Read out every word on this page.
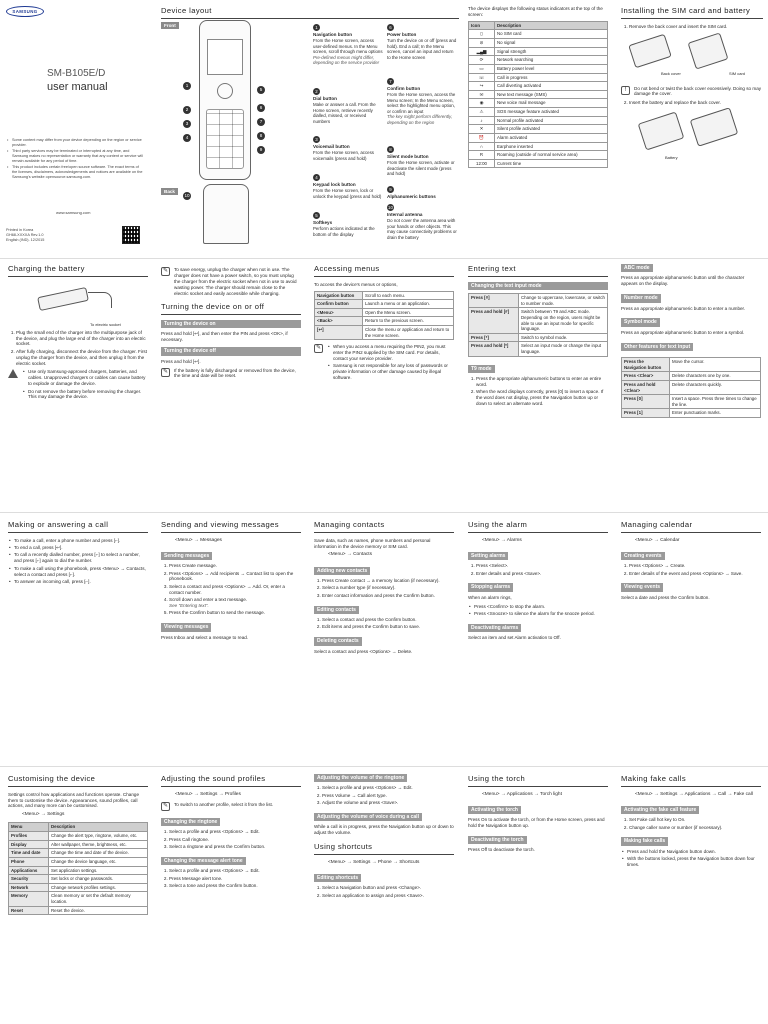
SAMSUNG
SM-B105E/D
user manual
• Some content may differ from your device depending on the region or service provider.
• Third party services may be terminated or interrupted at any time, and Samsung makes no representation or warranty that any content or service will remain available for any period of time.
• This product includes certain free/open source software. The exact terms of the licenses, disclaimers, acknowledgements and notices are available on the Samsung's website opensource.samsung.com.
www.samsung.com
Printed in Korea
GH68-XXXXA Rev.1.0
English (IND). 12/2015
Device layout
Front
Back
1
2
3
4
5
6
7
8
9
10
1
Navigation button
From the Home screen, access user-defined menus. In the Menu screen, scroll through menu options
Pre-defined menus might differ, depending on the service provider
2
Dial button
Make or answer a call. From the Home screen, retrieve recently dialled, missed, or received numbers
3
Voicemail button
From the Home screen, access voicemails (press and hold)
4
Keypad lock button
From the Home screen, lock or unlock the keypad (press and hold)
5
Softkeys
Perform actions indicated at the bottom of the display
6
Power button
Turn the device on or off (press and hold). End a call; In the Menu screen, cancel an input and return to the Home screen
7
Confirm button
From the Home screen, access the Menu screen; In the Menu screen, select the highlighted menu option, or confirm an input
The key might perform differently, depending on the region
8
Silent mode button
From the Home screen, activate or deactivate the silent mode (press and hold)
9
Alphanumeric buttons
10
Internal antenna
Do not cover the antenna area with your hands or other objects. This may cause connectivity problems or drain the battery
The device displays the following status indicators at the top of the screen:
Icon	Description
▯	No SIM card
⊘	No signal
▂▄▆	Signal strength
⟳	Network searching
▭	Battery power level
☏	Call in progress
↪	Call diverting activated
✉	New text message (SMS)
◉	New voice mail message
⚠	SOS message feature activated
♪	Normal profile activated
✕	Silent profile activated
⏰	Alarm activated
∩	Earphone inserted
R	Roaming (outside of normal service area)
12:00	Current time
Installing the SIM card and battery
1. Remove the back cover and insert the SIM card.
Back cover	SIM card
!	Do not bend or twist the back cover excessively. Doing so may damage the cover.
2. Insert the battery and replace the back cover.
Battery
Charging the battery
To electric socket
1. Plug the small end of the charger into the multipurpose jack of the device, and plug the large end of the charger into an electric socket.
2. After fully charging, disconnect the device from the charger. First unplug the charger from the device, and then unplug it from the electric socket.
• Use only Samsung-approved chargers, batteries, and cables. Unapproved chargers or cables can cause battery to explode or damage the device.
• Do not remove the battery before removing the charger. This may damage the device.
✎	To save energy, unplug the charger when not in use. The charger does not have a power switch, so you must unplug the charger from the electric socket when not in use to avoid wasting power. The charger should remain close to the electric socket and easily accessible while charging.
Turning the device on or off
Turning the device on
Press and hold [↩], and then enter the PIN and press <OK>, if necessary.
Turning the device off
Press and hold [↩].
✎	If the battery is fully discharged or removed from the device, the time and date will be reset.
Accessing menus
To access the device's menus or options,
Navigation button	Scroll to each menu.
Confirm button	Launch a menu or an application.
<Menu>	Open the Menu screen.
<Back>	Return to the previous screen.
[↩]	Close the menu or application and return to the Home screen.
✎	• When you access a menu requiring the PIN2, you must enter the PIN2 supplied by the SIM card. For details, contact your service provider.
• Samsung is not responsible for any loss of passwords or private information or other damage caused by illegal software.
Entering text
Changing the text input mode
Press [#]	Change to uppercase, lowercase, or switch to number mode.
Press and hold [#]	Switch between T9 and ABC mode. Depending on the region, users might be able to use an input mode for specific language.
Press [*]	Switch to symbol mode.
Press and hold [*]	Select an input mode or change the input language.
T9 mode
1. Press the appropriate alphanumeric buttons to enter an entire word.
2. When the word displays correctly, press [0] to insert a space. If the word does not display, press the Navigation button up or down to select an alternate word.
ABC mode
Press an appropriate alphanumeric button until the character appears on the display.
Number mode
Press an appropriate alphanumeric button to enter a number.
Symbol mode
Press an appropriate alphanumeric button to enter a symbol.
Other features for text input
Press the Navigation button	Move the cursor.
Press <Clear>	Delete characters one by one.
Press and hold <Clear>	Delete characters quickly.
Press [0]	Insert a space. Press three times to change the line.
Press [1]	Enter punctuation marks.
Making or answering a call
• To make a call, enter a phone number and press [⌐].
• To end a call, press [↩].
• To call a recently dialled number, press [⌐] to select a number, and press [⌐] again to dial the number.
• To make a call using the phonebook, press <Menu> → Contacts, select a contact and press [⌐].
• To answer an incoming call, press [⌐].
Sending and viewing messages
<Menu> → Messages
Sending messages
1. Press Create message.
2. Press <Options> → Add recipients → Contact list to open the phonebook.
3. Select a contact and press <Options> → Add. Or, enter a contact number.
4. Scroll down and enter a text message.
See "Entering text".
5. Press the Confirm button to send the message.
Viewing messages
Press Inbox and select a message to read.
Managing contacts
Save data, such as names, phone numbers and personal information in the device memory or SIM card.
<Menu> → Contacts
Adding new contacts
1. Press Create contact → a memory location (if necessary).
2. Select a number type (if necessary).
3. Enter contact information and press the Confirm button.
Editing contacts
1. Select a contact and press the Confirm button.
2. Edit items and press the Confirm button to save.
Deleting contacts
Select a contact and press <Options> → Delete.
Using the alarm
<Menu> → Alarms
Setting alarms
1. Press <Select>.
2. Enter details and press <Save>.
Stopping alarms
When an alarm rings,
• Press <Confirm> to stop the alarm.
• Press <Snooze> to silence the alarm for the snooze period.
Deactivating alarms
Select an item and set Alarm activation to Off.
Managing calendar
<Menu> → Calendar
Creating events
1. Press <Options> → Create.
2. Enter details of the event and press <Options> → Save.
Viewing events
Select a date and press the Confirm button.
Customising the device
Settings control how applications and functions operate. Change them to customise the device. Appearances, sound profiles, call actions, and many more can be customised.
<Menu> → Settings
Menu	Description
Profiles	Change the alert type, ringtone, volume, etc.
Display	Alter wallpaper, theme, brightness, etc.
Time and date	Change the time and date of the device.
Phone	Change the device language, etc.
Applications	Set application settings.
Security	Set locks or change passwords.
Network	Change network profiles settings.
Memory	Clean memory or set the default memory location.
Reset	Reset the device.
Adjusting the sound profiles
<Menu> → Settings → Profiles
✎	To switch to another profile, select it from the list.
Changing the ringtone
1. Select a profile and press <Options> → Edit.
2. Press Call ringtone.
3. Select a ringtone and press the Confirm button.
Changing the message alert tone
1. Select a profile and press <Options> → Edit.
2. Press Message alert tone.
3. Select a tone and press the Confirm button.
Adjusting the volume of the ringtone
1. Select a profile and press <Options> → Edit.
2. Press Volume → Call alert type.
3. Adjust the volume and press <Save>.
Adjusting the volume of voice during a call
While a call is in progress, press the Navigation button up or down to adjust the volume.
Using shortcuts
<Menu> → Settings → Phone → Shortcuts
Editing shortcuts
1. Select a Navigation button and press <Change>.
2. Select an application to assign and press <Save>.
Using the torch
<Menu> → Applications → Torch light
Activating the torch
Press On to activate the torch, or from the Home screen, press and hold the Navigation button up.
Deactivating the torch
Press Off to deactivate the torch.
Making fake calls
<Menu> → Settings → Applications → Call → Fake call
Activating the fake call feature
1. Set Fake call hot key to On.
2. Change caller name or number (if necessary).
Making fake calls
• Press and hold the Navigation button down.
• With the buttons locked, press the Navigation button down four times.
